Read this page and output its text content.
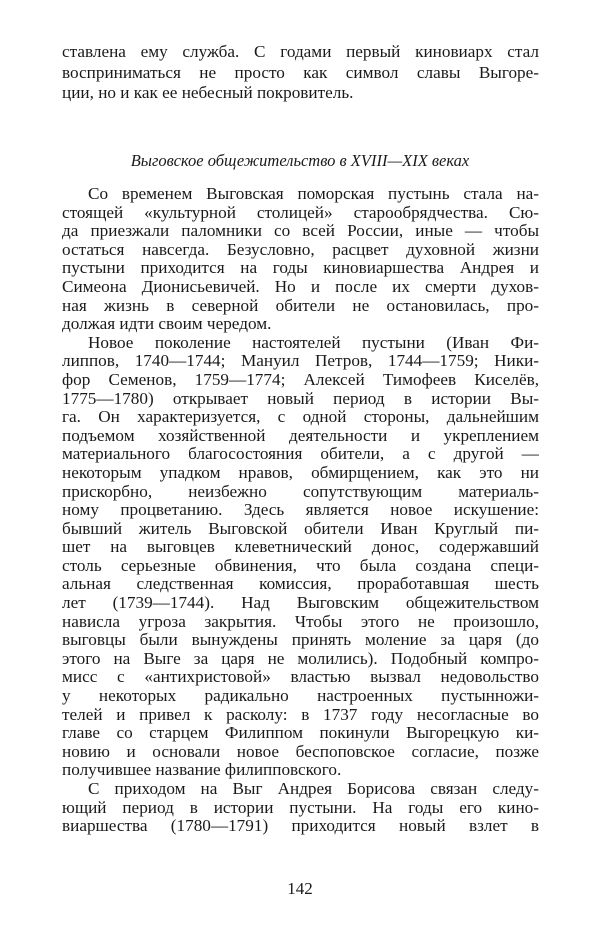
ставлена ему служба. С годами первый киновиарх стал
восприниматься не просто как символ славы Выгоре-
ции, но и как ее небесный покровитель.
Выговское общежительство в XVIII—XIX веках
Со временем Выговская поморская пустынь стала на-
стоящей «культурной столицей» старообрядчества. Сю-
да приезжали паломники со всей России, иные — чтобы
остаться навсегда. Безусловно, расцвет духовной жизни
пустыни приходится на годы киновиаршества Андрея и
Симеона Дионисьевичей. Но и после их смерти духов-
ная жизнь в северной обители не остановилась, про-
должая идти своим чередом.
Новое поколение настоятелей пустыни (Иван Фи-
липпов, 1740—1744; Мануил Петров, 1744—1759; Ники-
фор Семенов, 1759—1774; Алексей Тимофеев Киселёв,
1775—1780) открывает новый период в истории Вы-
га. Он характеризуется, с одной стороны, дальнейшим
подъемом хозяйственной деятельности и укреплением
материального благосостояния обители, а с другой —
некоторым упадком нравов, обмирщением, как это ни
прискорбно, неизбежно сопутствующим материаль-
ному процветанию. Здесь является новое искушение:
бывший житель Выговской обители Иван Круглый пи-
шет на выговцев клеветнический донос, содержавший
столь серьезные обвинения, что была создана специ-
альная следственная комиссия, проработавшая шесть
лет (1739—1744). Над Выговским общежительством
нависла угроза закрытия. Чтобы этого не произошло,
выговцы были вынуждены принять моление за царя (до
этого на Выге за царя не молились). Подобный компро-
мисс с «антихристовой» властью вызвал недовольство
у некоторых радикально настроенных пустынножи-
телей и привел к расколу: в 1737 году несогласные во
главе со старцем Филиппом покинули Выгорецкую ки-
новию и основали новое беспоповское согласие, позже
получившее название филипповского.
С приходом на Выг Андрея Борисова связан следу-
ющий период в истории пустыни. На годы его кино-
виаршества (1780—1791) приходится новый взлет в
142
